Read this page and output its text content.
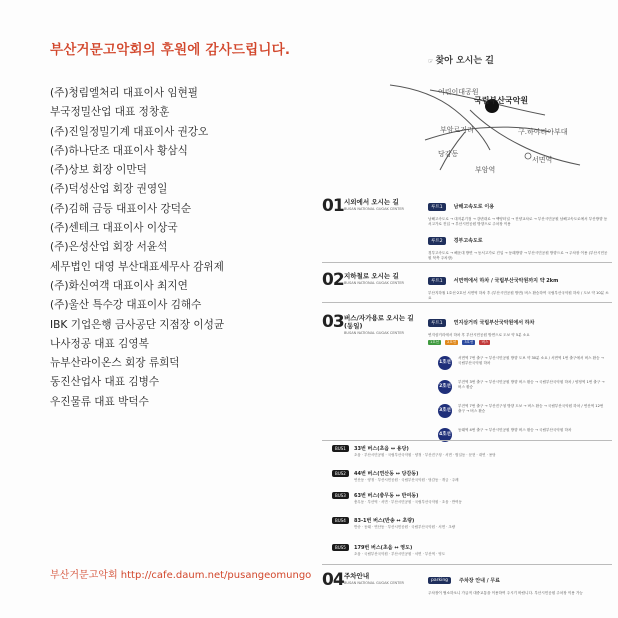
부산거문고악회의 후원에 감사드립니다.
(주)청림엘처리 대표이사 임현필
부국정밀산업 대표 정창훈
(주)진일정밀기계 대표이사 권강오
(주)하나단조 대표이사 황삼식
(주)상보 회장 이만덕
(주)덕성산업 회장 권영일
(주)김해 금등 대표이사 강덕순
(주)센테크 대표이사 이상국
(주)은성산업 회장 서윤석
세무법인 대영 부산대표세무사 감위제
(주)화신여객 대표이사 최지연
(주)울산 특수강 대표이사 김해수
IBK 기업은행 금사공단 지점장 이성균
나사정공 대표 김영복
뉴부산라이온스 회장 류희덕
동진산업사 대표 김병수
우진물류 대표 박덕수
부산거문고악회 http://cafe.daum.net/pusangeomungo
☞ 찾아 오시는 길
어린이대공원
국립부산국악원
부암로거리	구.하야리아부대
당감동
서면역
부암역
01 시외에서 오시는 길
BUSAN NATIONAL GUGAK CENTER	루트1 남해고속도로 이용
남해고속도로 → 대저분기점 → 강변대로 → 백양터널 → 진양교차로 → 부산시민공원 남해고속도로에서 부산방향 동서고가로 진입 → 부산시민공원 방향으로 주차장 이용
루트2 경부고속도로
경부고속도로 → 해운대 방면 → 동서고가로 진입 → 동래방향 → 부산시민공원 방향으로 → 주차장 이용 (부산시민공원 북측 주차장)
02 지하철로 오시는 길
BUSAN NATIONAL GUGAK CENTER	루트1 서면역에서 하차 / 국립부산국악원까지 약 2km
부산지하철 1호선·2호선 서면역 하차 후 (부산시민공원 방면) 버스 환승하여 국립부산국악원 하차 / 도보 약 10분 소요
03 버스/자가용로 오시는 길 (동일)
BUSAN NATIONAL GUGAK CENTER
루트1 연지삼거리 국립부산국악원에서 하차
연지삼거리에서 하차 후 부산시민공원 방면으로 도보 약 5분 소요
1호선 2호선 3호선 버스
1호선
서면역 7번 출구 → 부산시민공원 방향 도보 약 30분 소요 / 서면역 1번 출구에서 버스 환승 → 국립부산국악원 하차
2호선
부전역 3번 출구 → 부산시민공원 방향 버스 환승 → 국립부산국악원 하차 / 양정역 1번 출구 → 버스 환승
3호선
부전역 7번 출구 → 부산진구청 방향 도보 → 버스 환승 → 국립부산국악원 하차 / 연산역 12번 출구 → 버스 환승
4호선
동래역 4번 출구 → 부산시민공원 방향 버스 환승 → 국립부산국악원 하차
BUS1	33번 버스(초읍 ↔ 용당)
초읍 · 부산시민공원 · 국립부산국악원 · 양정 · 부산진구청 · 서면 · 범일동 · 문현 · 대연 · 용당
BUS2	44번 버스(연산동 ↔ 당감동)
연산동 · 양정 · 부산시민공원 · 국립부산국악원 · 당감동 · 개금 · 주례
BUS3	63번 버스(충무동 ↔ 반여동)
충무동 · 부산역 · 서면 · 부산시민공원 · 국립부산국악원 · 초읍 · 반여동
BUS4	83-1번 버스(반송 ↔ 초량)
반송 · 동래 · 연산동 · 부산시민공원 · 국립부산국악원 · 서면 · 초량
BUS5	179번 버스(초읍 ↔ 영도)
초읍 · 국립부산국악원 · 부산시민공원 · 서면 · 부산역 · 영도
04 주차안내
BUSAN NATIONAL GUGAK CENTER	parking 주차장 안내 / 무료
주차장이 협소하오니 가급적 대중교통을 이용하여 주시기 바랍니다. 부산시민공원 주차장 이용 가능
